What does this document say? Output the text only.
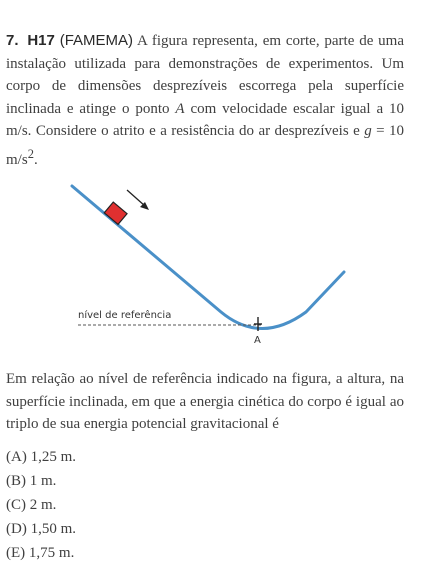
7. H17 (FAMEMA) A figura representa, em corte, parte de uma instalação utilizada para demonstrações de experimentos. Um corpo de dimensões desprezíveis escorrega pela superfície inclinada e atinge o ponto A com velocidade escalar igual a 10 m/s. Considere o atrito e a resistência do ar desprezíveis e g = 10 $m/s^2$.
nível de referência
A
Em relação ao nível de referência indicado na figura, a altura, na superfície inclinada, em que a energia cinética do corpo é igual ao triplo de sua energia potencial gravitacional é
(A) 1,25 m.
(B) 1 m.
(C) 2 m.
(D) 1,50 m.
(E) 1,75 m.
